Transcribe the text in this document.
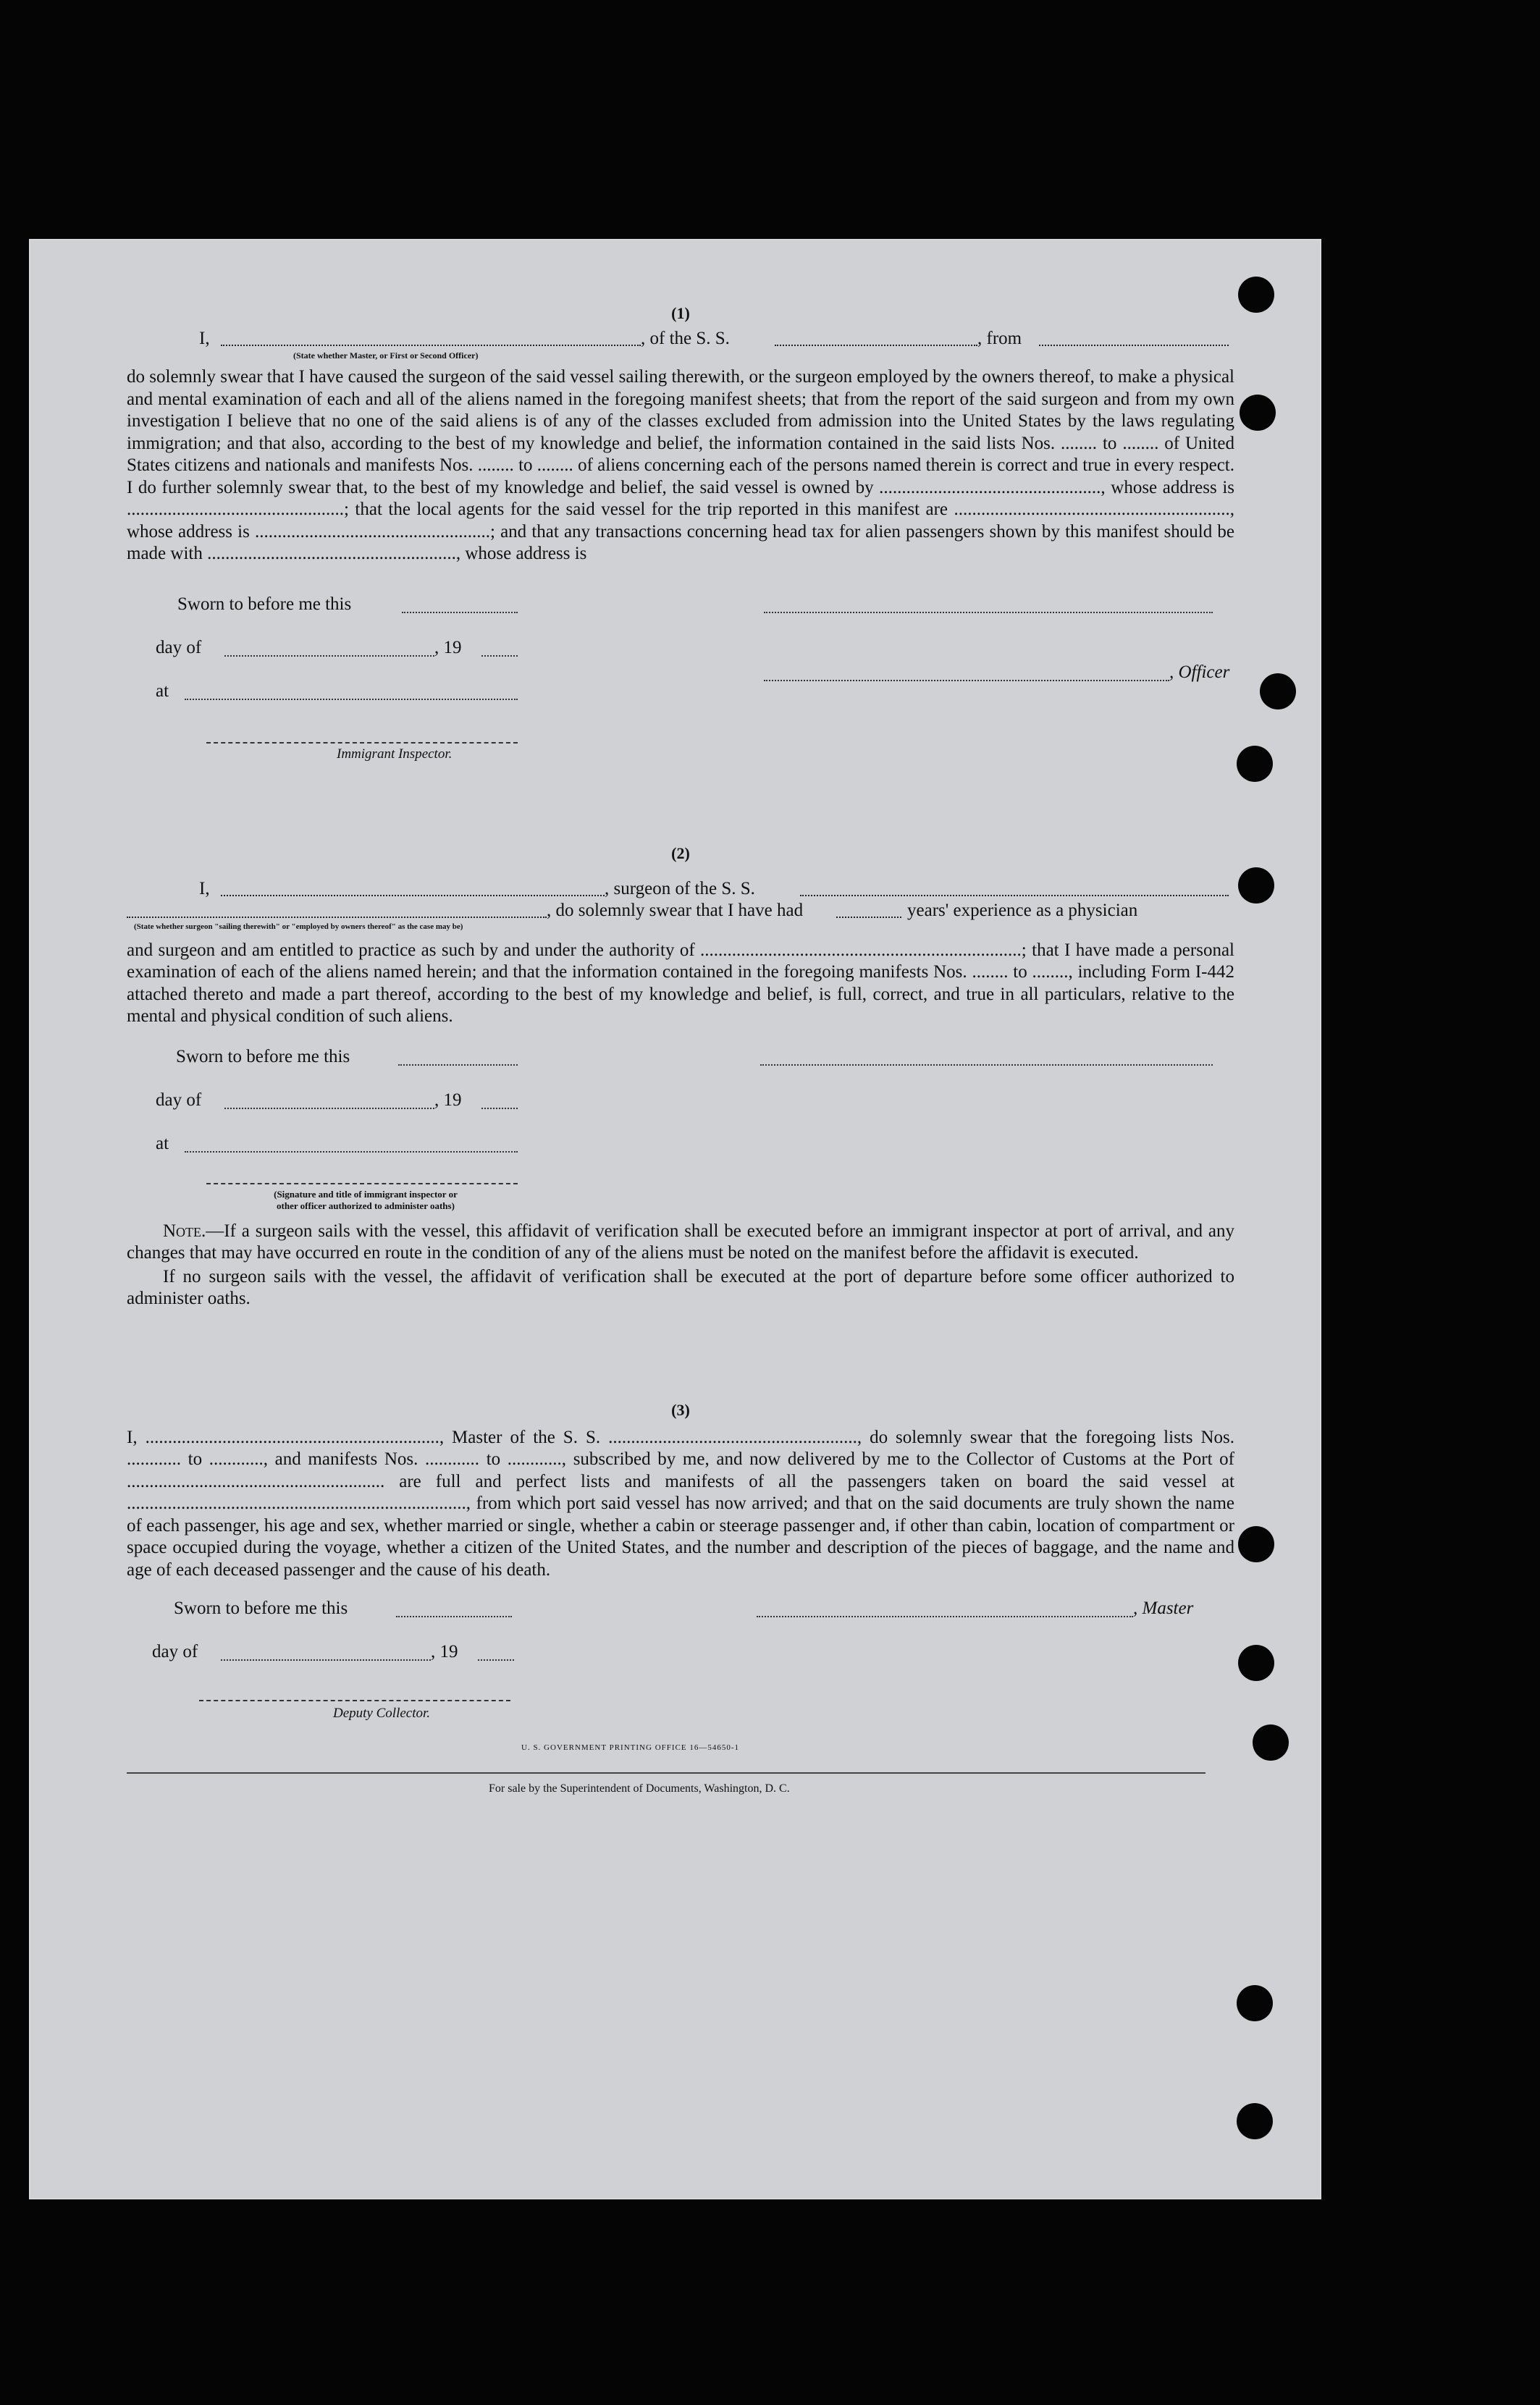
(1)

I,	, of the S. S.	, from
(State whether Master, or First or Second Officer)

do solemnly swear that I have caused the surgeon of the said vessel sailing therewith, or the surgeon employed by the owners thereof, to make a physical and mental examination of each and all of the aliens named in the foregoing manifest sheets; that from the report of the said surgeon and from my own investigation I believe that no one of the said aliens is of any of the classes excluded from admission into the United States by the laws regulating immigration; and that also, according to the best of my knowledge and belief, the information contained in the said lists Nos. ........ to ........ of United States citizens and nationals and manifests Nos. ........ to ........ of aliens concerning each of the persons named therein is correct and true in every respect. I do further solemnly swear that, to the best of my knowledge and belief, the said vessel is owned by ................................................., whose address is ................................................; that the local agents for the said vessel for the trip reported in this manifest are ............................................................., whose address is ....................................................; and that any transactions concerning head tax for alien passengers shown by this manifest should be made with ......................................................., whose address is

Sworn to before me this
day of	, 19
, Officer
at
Immigrant Inspector.

(2)

I,	, surgeon of the S. S.
, do solemnly swear that I have had	years' experience as a physician
(State whether surgeon "sailing therewith" or "employed by owners thereof" as the case may be)

and surgeon and am entitled to practice as such by and under the authority of .......................................................................; that I have made a personal examination of each of the aliens named herein; and that the information contained in the foregoing manifests Nos. ........ to ........, including Form I-442 attached thereto and made a part thereof, according to the best of my knowledge and belief, is full, correct, and true in all particulars, relative to the mental and physical condition of such aliens.

Sworn to before me this
day of	, 19
at
(Signature and title of immigrant inspector or
other officer authorized to administer oaths)

Note.—If a surgeon sails with the vessel, this affidavit of verification shall be executed before an immigrant inspector at port of arrival, and any changes that may have occurred en route in the condition of any of the aliens must be noted on the manifest before the affidavit is executed.

If no surgeon sails with the vessel, the affidavit of verification shall be executed at the port of departure before some officer authorized to administer oaths.

(3)

I, ................................................................., Master of the S. S. ......................................................., do solemnly swear that the foregoing lists Nos. ............ to ............, and manifests Nos. ............ to ............, subscribed by me, and now delivered by me to the Collector of Customs at the Port of ......................................................... are full and perfect lists and manifests of all the passengers taken on board the said vessel at ..........................................................................., from which port said vessel has now arrived; and that on the said documents are truly shown the name of each passenger, his age and sex, whether married or single, whether a cabin or steerage passenger and, if other than cabin, location of compartment or space occupied during the voyage, whether a citizen of the United States, and the number and description of the pieces of baggage, and the name and age of each deceased passenger and the cause of his death.

Sworn to before me this	, Master
day of	, 19
Deputy Collector.
U. S. GOVERNMENT PRINTING OFFICE 16—54650-1
For sale by the Superintendent of Documents, Washington, D. C.
